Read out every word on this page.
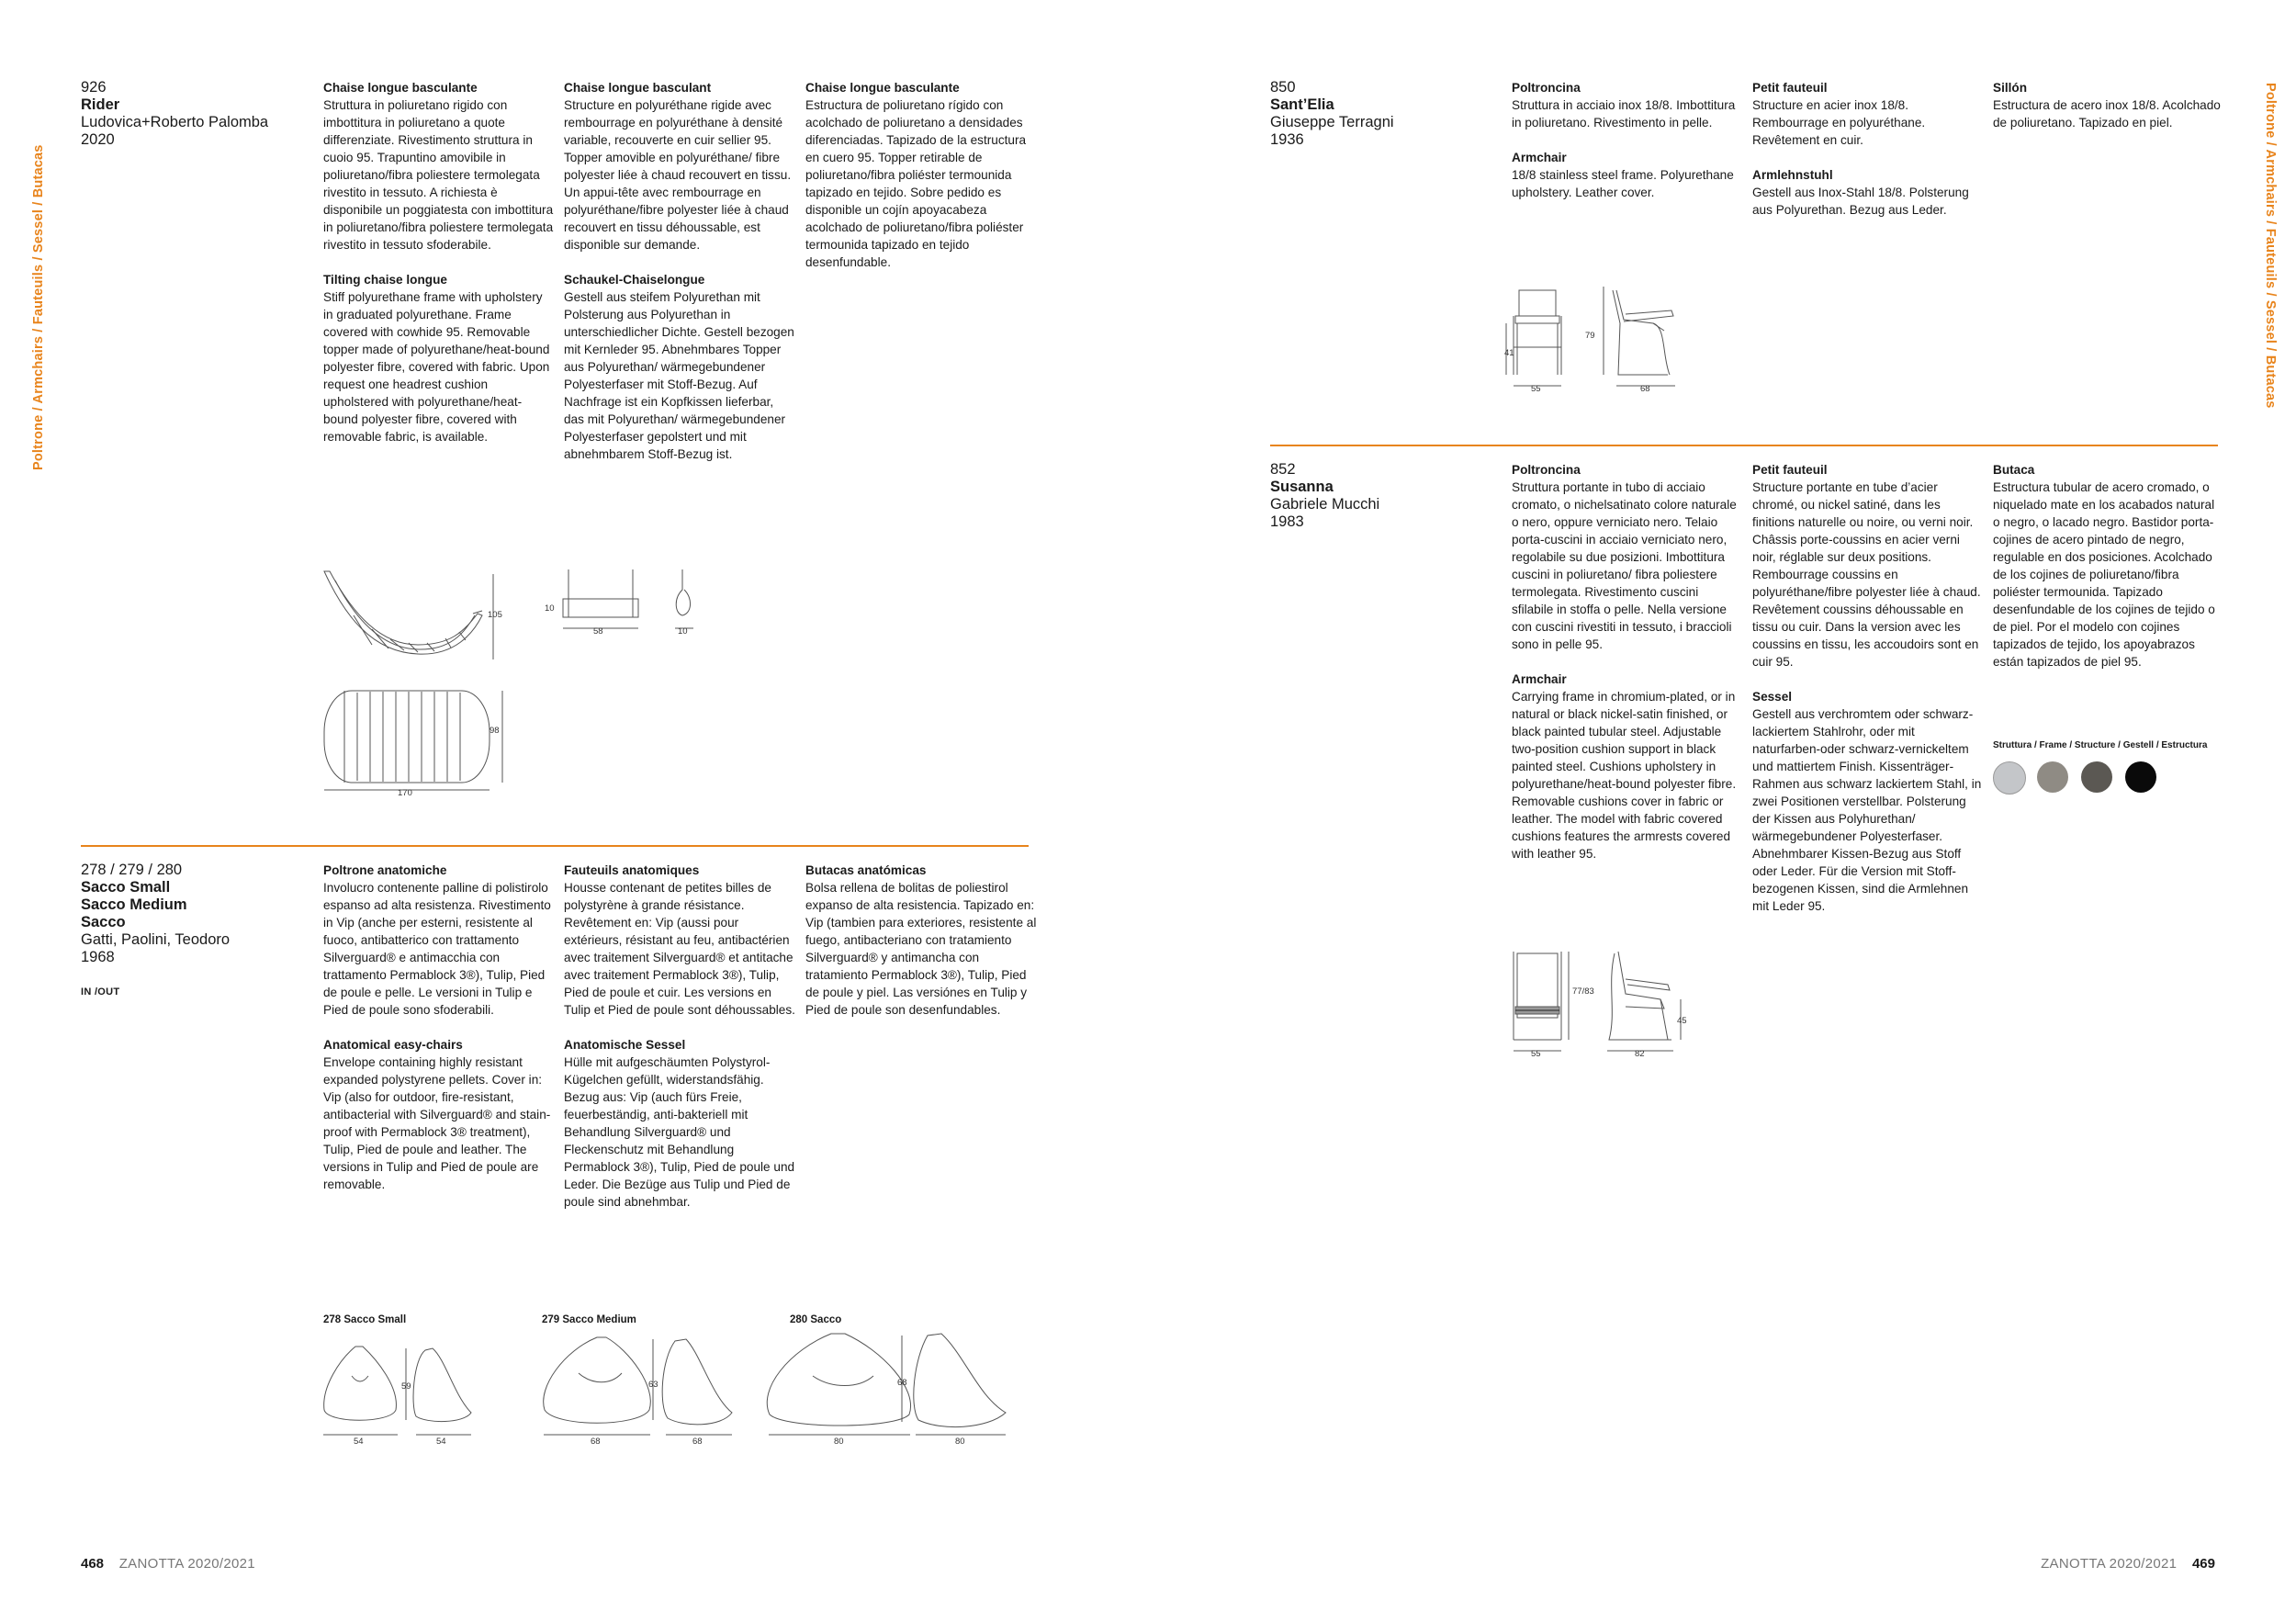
Poltrone / Armchairs / Fauteuils / Sessel / Butacas	Poltrone / Armchairs / Fauteuils / Sessel / Butacas
926
Rider
Ludovica+Roberto Palomba
2020
Chaise longue basculante

Struttura in poliuretano rigido con imbottitura in poliuretano a quote differenziate. Rivestimento struttura in cuoio 95. Trapuntino amovibile in poliuretano/fibra poliestere termolegata rivestito in tessuto. A richiesta è disponibile un poggiatesta con imbottitura in poliuretano/fibra poliestere termolegata rivestito in tessuto sfoderabile.

Tilting chaise longue

Stiff polyurethane frame with upholstery in graduated polyurethane. Frame covered with cowhide 95. Removable topper made of polyurethane/heat-bound polyester fibre, covered with fabric. Upon request one headrest cushion upholstered with polyurethane/heat-bound polyester fibre, covered with removable fabric, is available.

Chaise longue basculant

Structure en polyuréthane rigide avec rembourrage en polyuréthane à densité variable, recouverte en cuir sellier 95. Topper amovible en polyuréthane/ fibre polyester liée à chaud recouvert en tissu. Un appui-tête avec rembourrage en polyuréthane/fibre polyester liée à chaud recouvert en tissu déhoussable, est disponible sur demande.

Schaukel-Chaiselongue

Gestell aus steifem Polyurethan mit Polsterung aus Polyurethan in unterschiedlicher Dichte. Gestell bezogen mit Kernleder 95. Abnehmbares Topper aus Polyurethan/ wärmegebundener Polyesterfaser mit Stoff-Bezug. Auf Nachfrage ist ein Kopfkissen lieferbar, das mit Polyurethan/ wärmegebundener Polyesterfaser gepolstert und mit abnehmbarem Stoff-Bezug ist.

Chaise longue basculante

Estructura de poliuretano rígido con acolchado de poliuretano a densidades diferenciadas. Tapizado de la estructura en cuero 95. Topper retirable de poliuretano/fibra poliéster termounida tapizado en tejido. Sobre pedido es disponible un cojín apoyacabeza acolchado de poliuretano/fibra poliéster termounida tapizado en tejido desenfundable.

105
98
170
10
58	10
278 / 279 / 280
Sacco Small
Sacco Medium
Sacco
Gatti, Paolini, Teodoro
1968
IN /OUT
Poltrone anatomiche

Involucro contenente palline di polistirolo espanso ad alta resistenza. Rivestimento in Vip (anche per esterni, resistente al fuoco, antibatterico con trattamento Silverguard® e antimacchia con trattamento Permablock 3®), Tulip, Pied de poule e pelle. Le versioni in Tulip e Pied de poule sono sfoderabili.

Anatomical easy-chairs

Envelope containing highly resistant expanded polystyrene pellets. Cover in: Vip (also for outdoor, fire-resistant, antibacterial with Silverguard® and stain-proof with Permablock 3® treatment), Tulip, Pied de poule and leather. The versions in Tulip and Pied de poule are removable.

Fauteuils anatomiques

Housse contenant de petites billes de polystyrène à grande résistance. Revêtement en: Vip (aussi pour extérieurs, résistant au feu, antibactérien avec traitement Silverguard® et antitache avec traitement Permablock 3®), Tulip, Pied de poule et cuir. Les versions en Tulip et Pied de poule sont déhoussables.

Anatomische Sessel

Hülle mit aufgeschäumten Polystyrol-Kügelchen gefüllt, widerstandsfähig. Bezug aus: Vip (auch fürs Freie, feuerbeständig, anti-bakteriell mit Behandlung Silverguard® und Fleckenschutz mit Behandlung Permablock 3®), Tulip, Pied de poule und Leder. Die Bezüge aus Tulip und Pied de poule sind abnehmbar.

Butacas anatómicas

Bolsa rellena de bolitas de poliestirol expanso de alta resistencia. Tapizado en: Vip (tambien para exteriores, resistente al fuego, antibacteriano con tratamiento Silverguard® y antimancha con tratamiento Permablock 3®), Tulip, Pied de poule y piel. Las versiónes en Tulip y Pied de poule son desenfundables.

278 Sacco Small	279 Sacco Medium	280 Sacco
54
59
54	68
63
68	80
68
80
850
Sant’Elia
Giuseppe Terragni
1936
Poltroncina

Struttura in acciaio inox 18/8. Imbottitura in poliuretano. Rivestimento in pelle.

Armchair

18/8 stainless steel frame. Polyurethane upholstery. Leather cover.

Petit fauteuil

Structure en acier inox 18/8. Rembourrage en polyuréthane. Revêtement en cuir.

Armlehnstuhl

Gestell aus Inox-Stahl 18/8. Polsterung aus Polyurethan. Bezug aus Leder.

Sillón

Estructura de acero inox 18/8. Acolchado de poliuretano. Tapizado en piel.

41
79
55	68
852
Susanna
Gabriele Mucchi
1983
Poltroncina

Struttura portante in tubo di acciaio cromato, o nichelsatinato colore naturale o nero, oppure verniciato nero. Telaio porta-cuscini in acciaio verniciato nero, regolabile su due posizioni. Imbottitura cuscini in poliuretano/ fibra poliestere termolegata. Rivestimento cuscini sfilabile in stoffa o pelle. Nella versione con cuscini rivestiti in tessuto, i braccioli sono in pelle 95.

Armchair

Carrying frame in chromium-plated, or in natural or black nickel-satin finished, or black painted tubular steel. Adjustable two-position cushion support in black painted steel. Cushions upholstery in polyurethane/heat-bound polyester fibre. Removable cushions cover in fabric or leather. The model with fabric covered cushions features the armrests covered with leather 95.

Petit fauteuil

Structure portante en tube d’acier chromé, ou nickel satiné, dans les finitions naturelle ou noire, ou verni noir. Châssis porte-coussins en acier verni noir, réglable sur deux positions. Rembourrage coussins en polyuréthane/fibre polyester liée à chaud. Revêtement coussins déhoussable en tissu ou cuir. Dans la version avec les coussins en tissu, les accoudoirs sont en cuir 95.

Sessel

Gestell aus verchromtem oder schwarz-lackiertem Stahlrohr, oder mit naturfarben-oder schwarz-vernickeltem und mattiertem Finish. Kissenträger-Rahmen aus schwarz lackiertem Stahl, in zwei Positionen verstellbar. Polsterung der Kissen aus Polyhurethan/ wärmegebundener Polyesterfaser. Abnehmbarer Kissen-Bezug aus Stoff oder Leder. Für die Version mit Stoff-bezogenen Kissen, sind die Armlehnen mit Leder 95.

Butaca

Estructura tubular de acero cromado, o niquelado mate en los acabados natural o negro, o lacado negro. Bastidor porta-cojines de acero pintado de negro, regulable en dos posiciones. Acolchado de los cojines de poliuretano/fibra poliéster termounida. Tapizado desenfundable de los cojines de tejido o de piel. Por el modelo con cojines tapizados de tejido, los apoyabrazos están tapizados de piel 95.

Struttura / Frame / Structure / Gestell / Estructura
77/83
45
55	82
468 ZANOTTA 2020/2021	ZANOTTA 2020/2021 469
